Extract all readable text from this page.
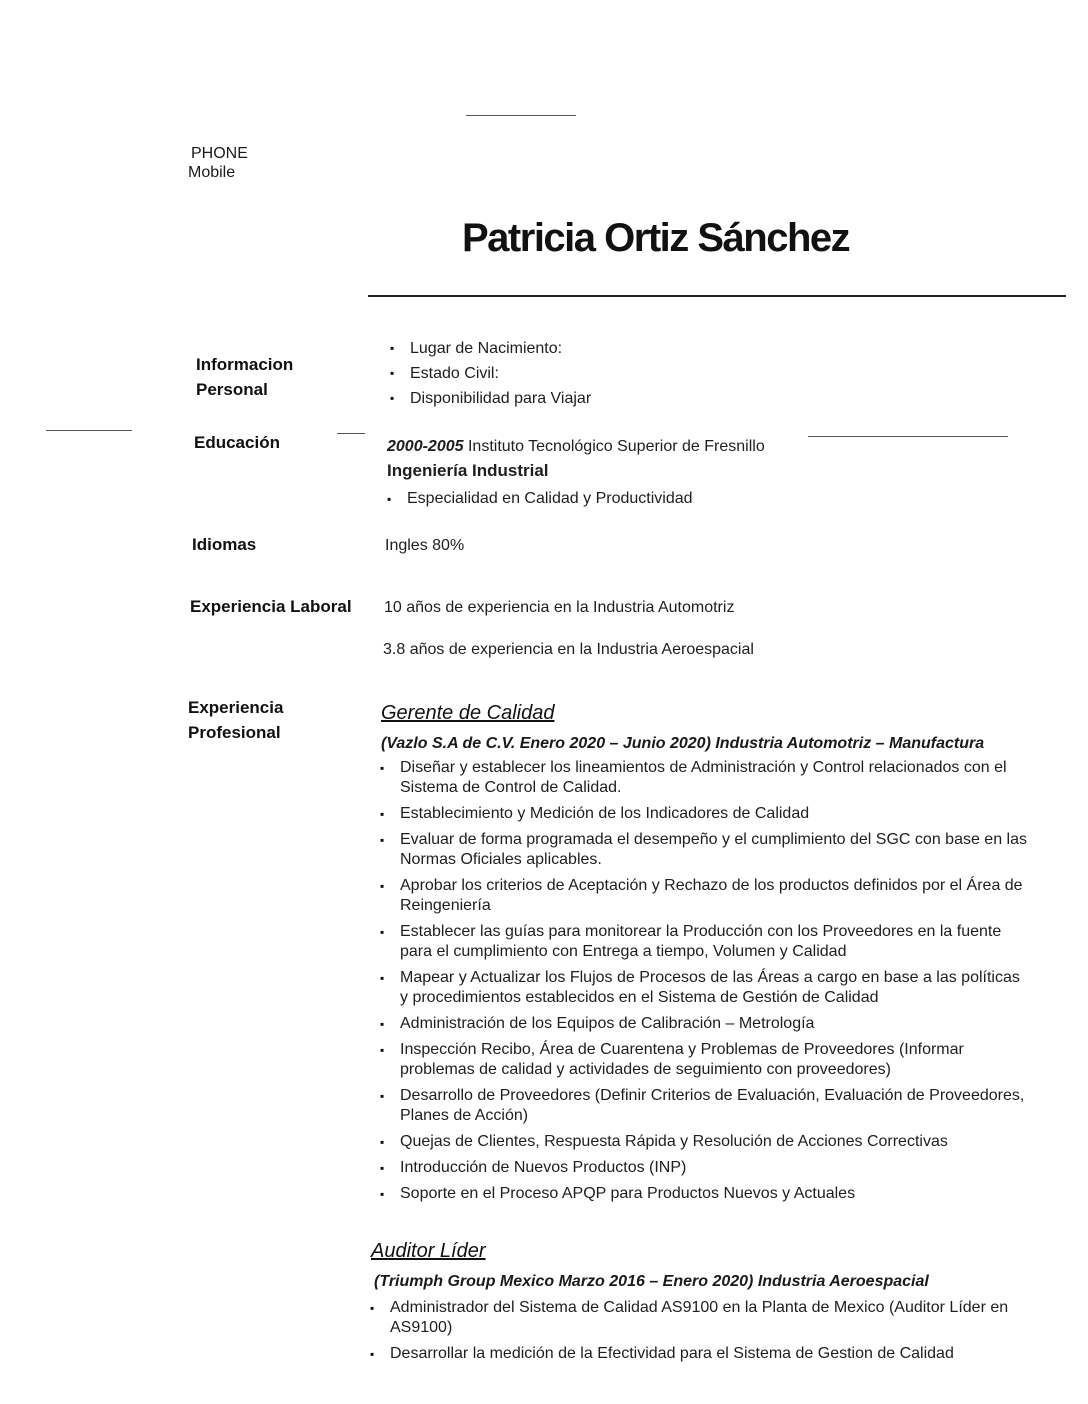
PHONE
Mobile
Patricia Ortiz Sánchez
Informacion
Personal
▪ Lugar de Nacimiento:
▪ Estado Civil:
▪ Disponibilidad para Viajar
Educación	2000-2005 Instituto Tecnológico Superior de Fresnillo
Ingeniería Industrial
▪ Especialidad en Calidad y Productividad
Idiomas	Ingles 80%
Experiencia Laboral 10 años de experiencia en la Industria Automotriz
3.8 años de experiencia en la Industria Aeroespacial
Experiencia
Profesional
Gerente de Calidad
(Vazlo S.A de C.V. Enero 2020 – Junio 2020) Industria Automotriz – Manufactura
▪ Diseñar y establecer los lineamientos de Administración y Control relacionados con el Sistema de Control de Calidad.
▪ Establecimiento y Medición de los Indicadores de Calidad
▪ Evaluar de forma programada el desempeño y el cumplimiento del SGC con base en las Normas Oficiales aplicables.
▪ Aprobar los criterios de Aceptación y Rechazo de los productos definidos por el Área de Reingeniería
▪ Establecer las guías para monitorear la Producción con los Proveedores en la fuente para el cumplimiento con Entrega a tiempo, Volumen y Calidad
▪ Mapear y Actualizar los Flujos de Procesos de las Áreas a cargo en base a las políticas y procedimientos establecidos en el Sistema de Gestión de Calidad
▪ Administración de los Equipos de Calibración – Metrología
▪ Inspección Recibo, Área de Cuarentena y Problemas de Proveedores (Informar problemas de calidad y actividades de seguimiento con proveedores)
▪ Desarrollo de Proveedores (Definir Criterios de Evaluación, Evaluación de Proveedores, Planes de Acción)
▪ Quejas de Clientes, Respuesta Rápida y Resolución de Acciones Correctivas
▪ Introducción de Nuevos Productos (INP)
▪ Soporte en el Proceso APQP para Productos Nuevos y Actuales
Auditor Líder
(Triumph Group Mexico Marzo 2016 – Enero 2020) Industria Aeroespacial
▪ Administrador del Sistema de Calidad AS9100 en la Planta de Mexico (Auditor Líder en AS9100)
▪ Desarrollar la medición de la Efectividad para el Sistema de Gestion de Calidad
